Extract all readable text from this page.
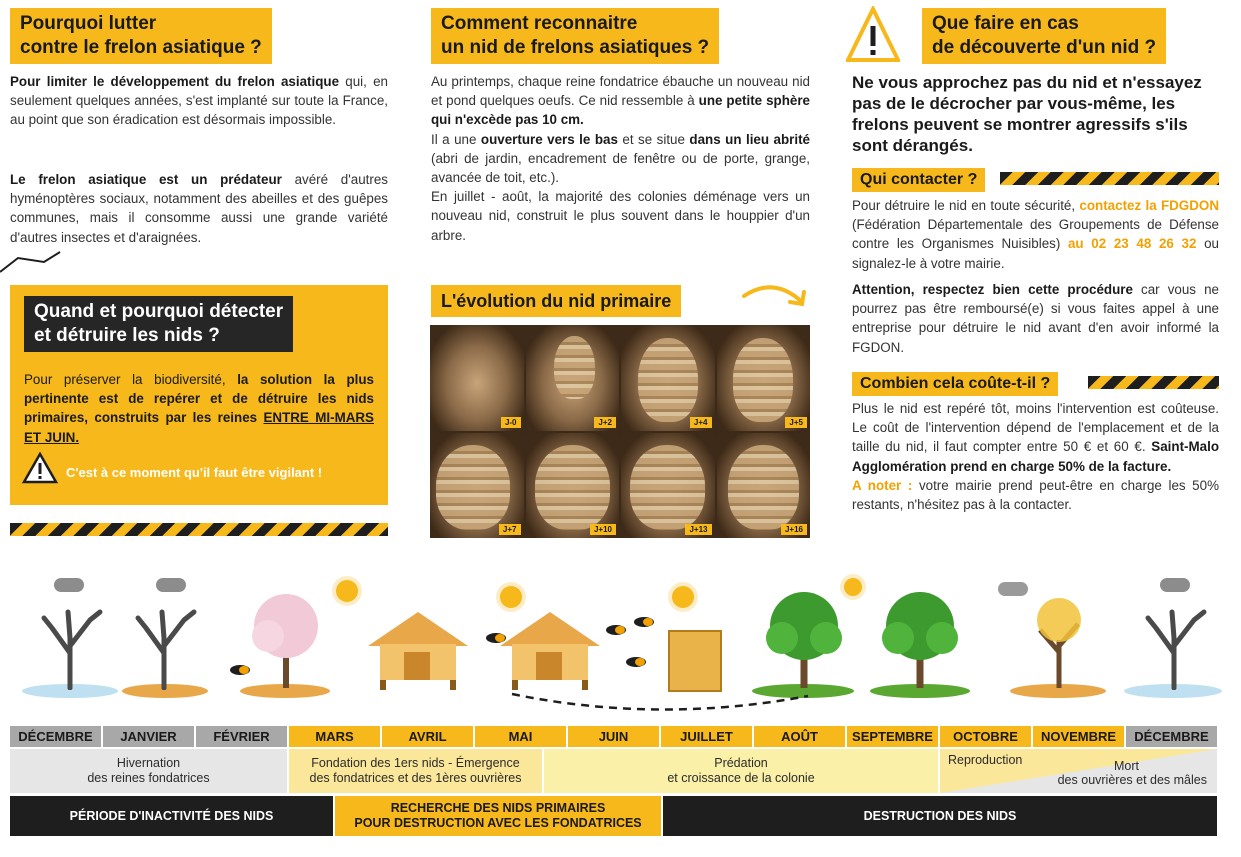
Pourquoi lutter
contre le frelon asiatique ?
Pour limiter le développement du frelon asiatique qui, en seulement quelques années, s'est implanté sur toute la France, au point que son éradication est désormais impossible.
Le frelon asiatique est un prédateur avéré d'autres hyménoptères sociaux, notamment des abeilles et des guêpes communes, mais il consomme aussi une grande variété d'autres insectes et d'araignées.
Quand et pourquoi détecter
et détruire les nids ?
Pour préserver la biodiversité, la solution la plus pertinente est de repérer et de détruire les nids primaires, construits par les reines ENTRE MI-MARS ET JUIN.
C'est à ce moment qu'il faut être vigilant !
Comment reconnaitre
un nid de frelons asiatiques ?
Au printemps, chaque reine fondatrice ébauche un nouveau nid et pond quelques oeufs. Ce nid ressemble à une petite sphère qui n'excède pas 10 cm.
Il a une ouverture vers le bas et se situe dans un lieu abrité (abri de jardin, encadrement de fenêtre ou de porte, grange, avancée de toit, etc.).
En juillet - août, la majorité des colonies déménage vers un nouveau nid, construit le plus souvent dans le houppier d'un arbre.
L'évolution du nid primaire
J-0	J+2	J+4	J+5
J+7	J+10	J+13	J+16
Que faire en cas
de découverte d'un nid ?
Ne vous approchez pas du nid et n'essayez pas de le décrocher par vous-même, les frelons peuvent se montrer agressifs s'ils sont dérangés.
Qui contacter ?
Pour détruire le nid en toute sécurité, contactez la FDGDON (Fédération Départementale des Groupements de Défense contre les Organismes Nuisibles) au 02 23 48 26 32 ou signalez-le à votre mairie.
Attention, respectez bien cette procédure car vous ne pourrez pas être remboursé(e) si vous faites appel à une entreprise pour détruire le nid avant d'en avoir informé la FGDON.
Combien cela coûte-t-il ?
Plus le nid est repéré tôt, moins l'intervention est coûteuse. Le coût de l'intervention dépend de l'emplacement et de la taille du nid, il faut compter entre 50 € et 60 €. Saint-Malo Agglomération prend en charge 50% de la facture.
A noter : votre mairie prend peut-être en charge les 50% restants, n'hésitez pas à la contacter.
DÉCEMBRE	JANVIER	FÉVRIER	MARS	AVRIL	MAI	JUIN	JUILLET	AOÛT	SEPTEMBRE	OCTOBRE	NOVEMBRE	DÉCEMBRE
Hivernation
des reines fondatrices
Fondation des 1ers nids - Émergence
des fondatrices et des 1ères ouvrières
Prédation
et croissance de la colonie
Reproduction	Mort
des ouvrières et des mâles
PÉRIODE D'INACTIVITÉ DES NIDS
RECHERCHE DES NIDS PRIMAIRES
POUR DESTRUCTION AVEC LES FONDATRICES
DESTRUCTION DES NIDS
